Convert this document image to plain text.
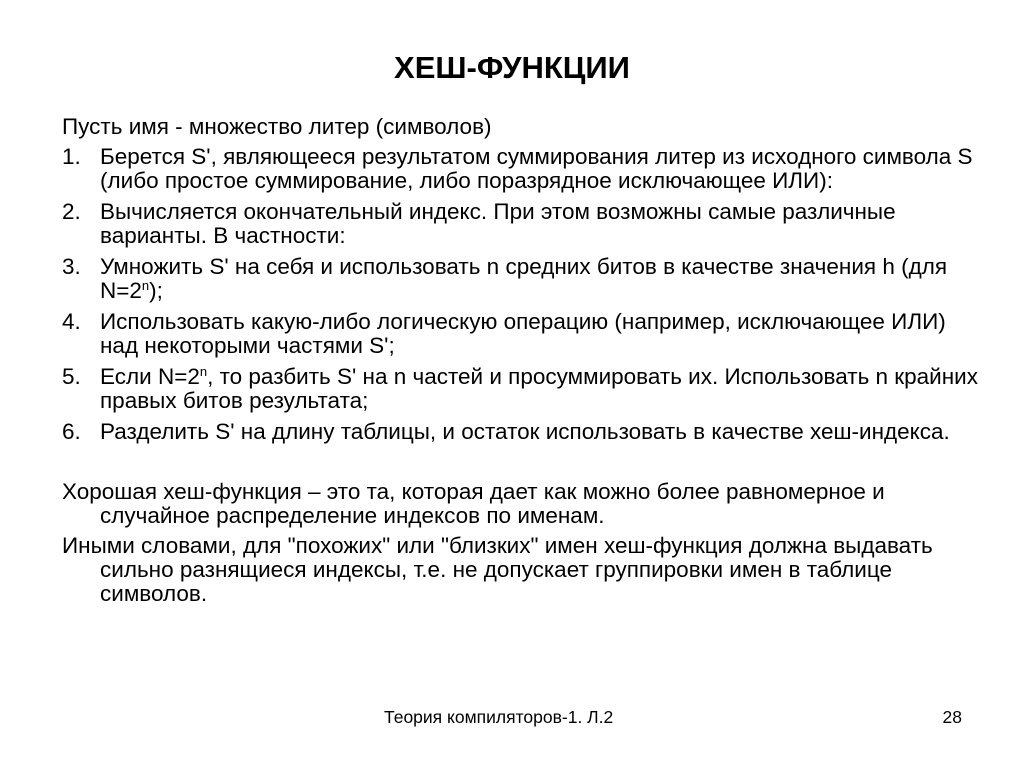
ХЕШ-ФУНКЦИИ
Пусть имя - множество литер (символов)
1. Берется S', являющееся результатом суммирования литер из исходного символа S (либо простое суммирование, либо поразрядное исключающее ИЛИ):
2. Вычисляется окончательный индекс. При этом возможны самые различные варианты. В частности:
3. Умножить S' на себя и использовать n средних битов в качестве значения h (для $N=2^n$);
4. Использовать какую-либо логическую операцию (например, исключающее ИЛИ) над некоторыми частями S';
5. Если $N=2^n$, то разбить S' на n частей и просуммировать их. Использовать n крайних правых битов результата;
6. Разделить S' на длину таблицы, и остаток использовать в качестве хеш-индекса.
Хорошая хеш-функция – это та, которая дает как можно более равномерное и случайное распределение индексов по именам.
Иными словами, для "похожих" или "близких" имен хеш-функция должна выдавать сильно разнящиеся индексы, т.е. не допускает группировки имен в таблице символов.
Теория компиляторов-1. Л.2	28
